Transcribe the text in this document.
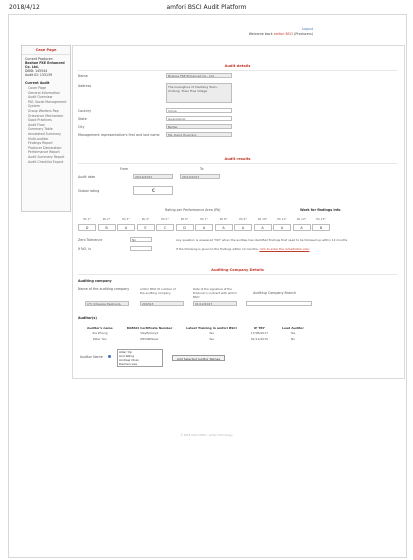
2018/4/12	amfori BSCI Audit Platform
Logout
Welcome back amfori BSCI (Producers)
Case Page
Current Producer:
Boshoe FKE Enhanced
Co. Ltd.
DBID: 145544
Audit ID: 133139
Current Audit
Cover Page
General Information
Audit Overview
PA1 Social Management
System
Group Workers Rep
Grievance Mechanism
Good Practices
Audit Flow
Summary Table
Annotated Summary
Multi-auditor
Findings Report
Producer Declaration
Performance Report
Audit Summary Report
Audit Checklist Export
Audit details
Name	Boshoe FKE Enhanced Co., Ltd.
Address	The Guanghua of Xiaofeng Town, Xinfeng, Town Free Village
Country	China
State	Guangdong
City	Beihai
Management representative's first and last name	Ms. Deng Huaining
Audit results
From	To
Audit date	26/10/2017	26/10/2017
Global rating	C
Rating per Performance Area (PA)	Work for findings info
Zero Tolerance	No	Any question is answered "NO" when the auditee has identified findings that need to be followed up within 12 months
If NO, is	If the following is given to the findings within 12 months, click to enter the remediation plan
Auditing Company Details
Auditing company
Name of the auditing company	amfori BSCI ID number of the auditing company
Date of the signature of the Producer's contract with amfori BSCI
Auditing Company Branch
CTI (Chaoxie Testing &	200313	01/12/2017
Auditor(s)
Auditor's name	RABSCI Certificate Number	Latest Training in amfori BSCI	IP TRY	Lead Auditor
Xie Zhong	NayEplaxyX	Yes	17/08/2017	Yes
Peter Yan	P8VANWeax	Yes	01/11/2015	No
Auditor Name
Allan Yip
Anil Wang
Andrew Chan
Damien Lee
Add Selected Auditor Names
© 2018 amfori BSCI - amfori Technology
PA 1*
D
PA 2*
B
PA 3*
A
PA 4*
E
PA 5*
C
PA 6*
D
PA 7*
A
PA 8*
A
PA 9*
A
PA 10*
A
PA 11*
A
PA 12*
A
PA 13*
B
